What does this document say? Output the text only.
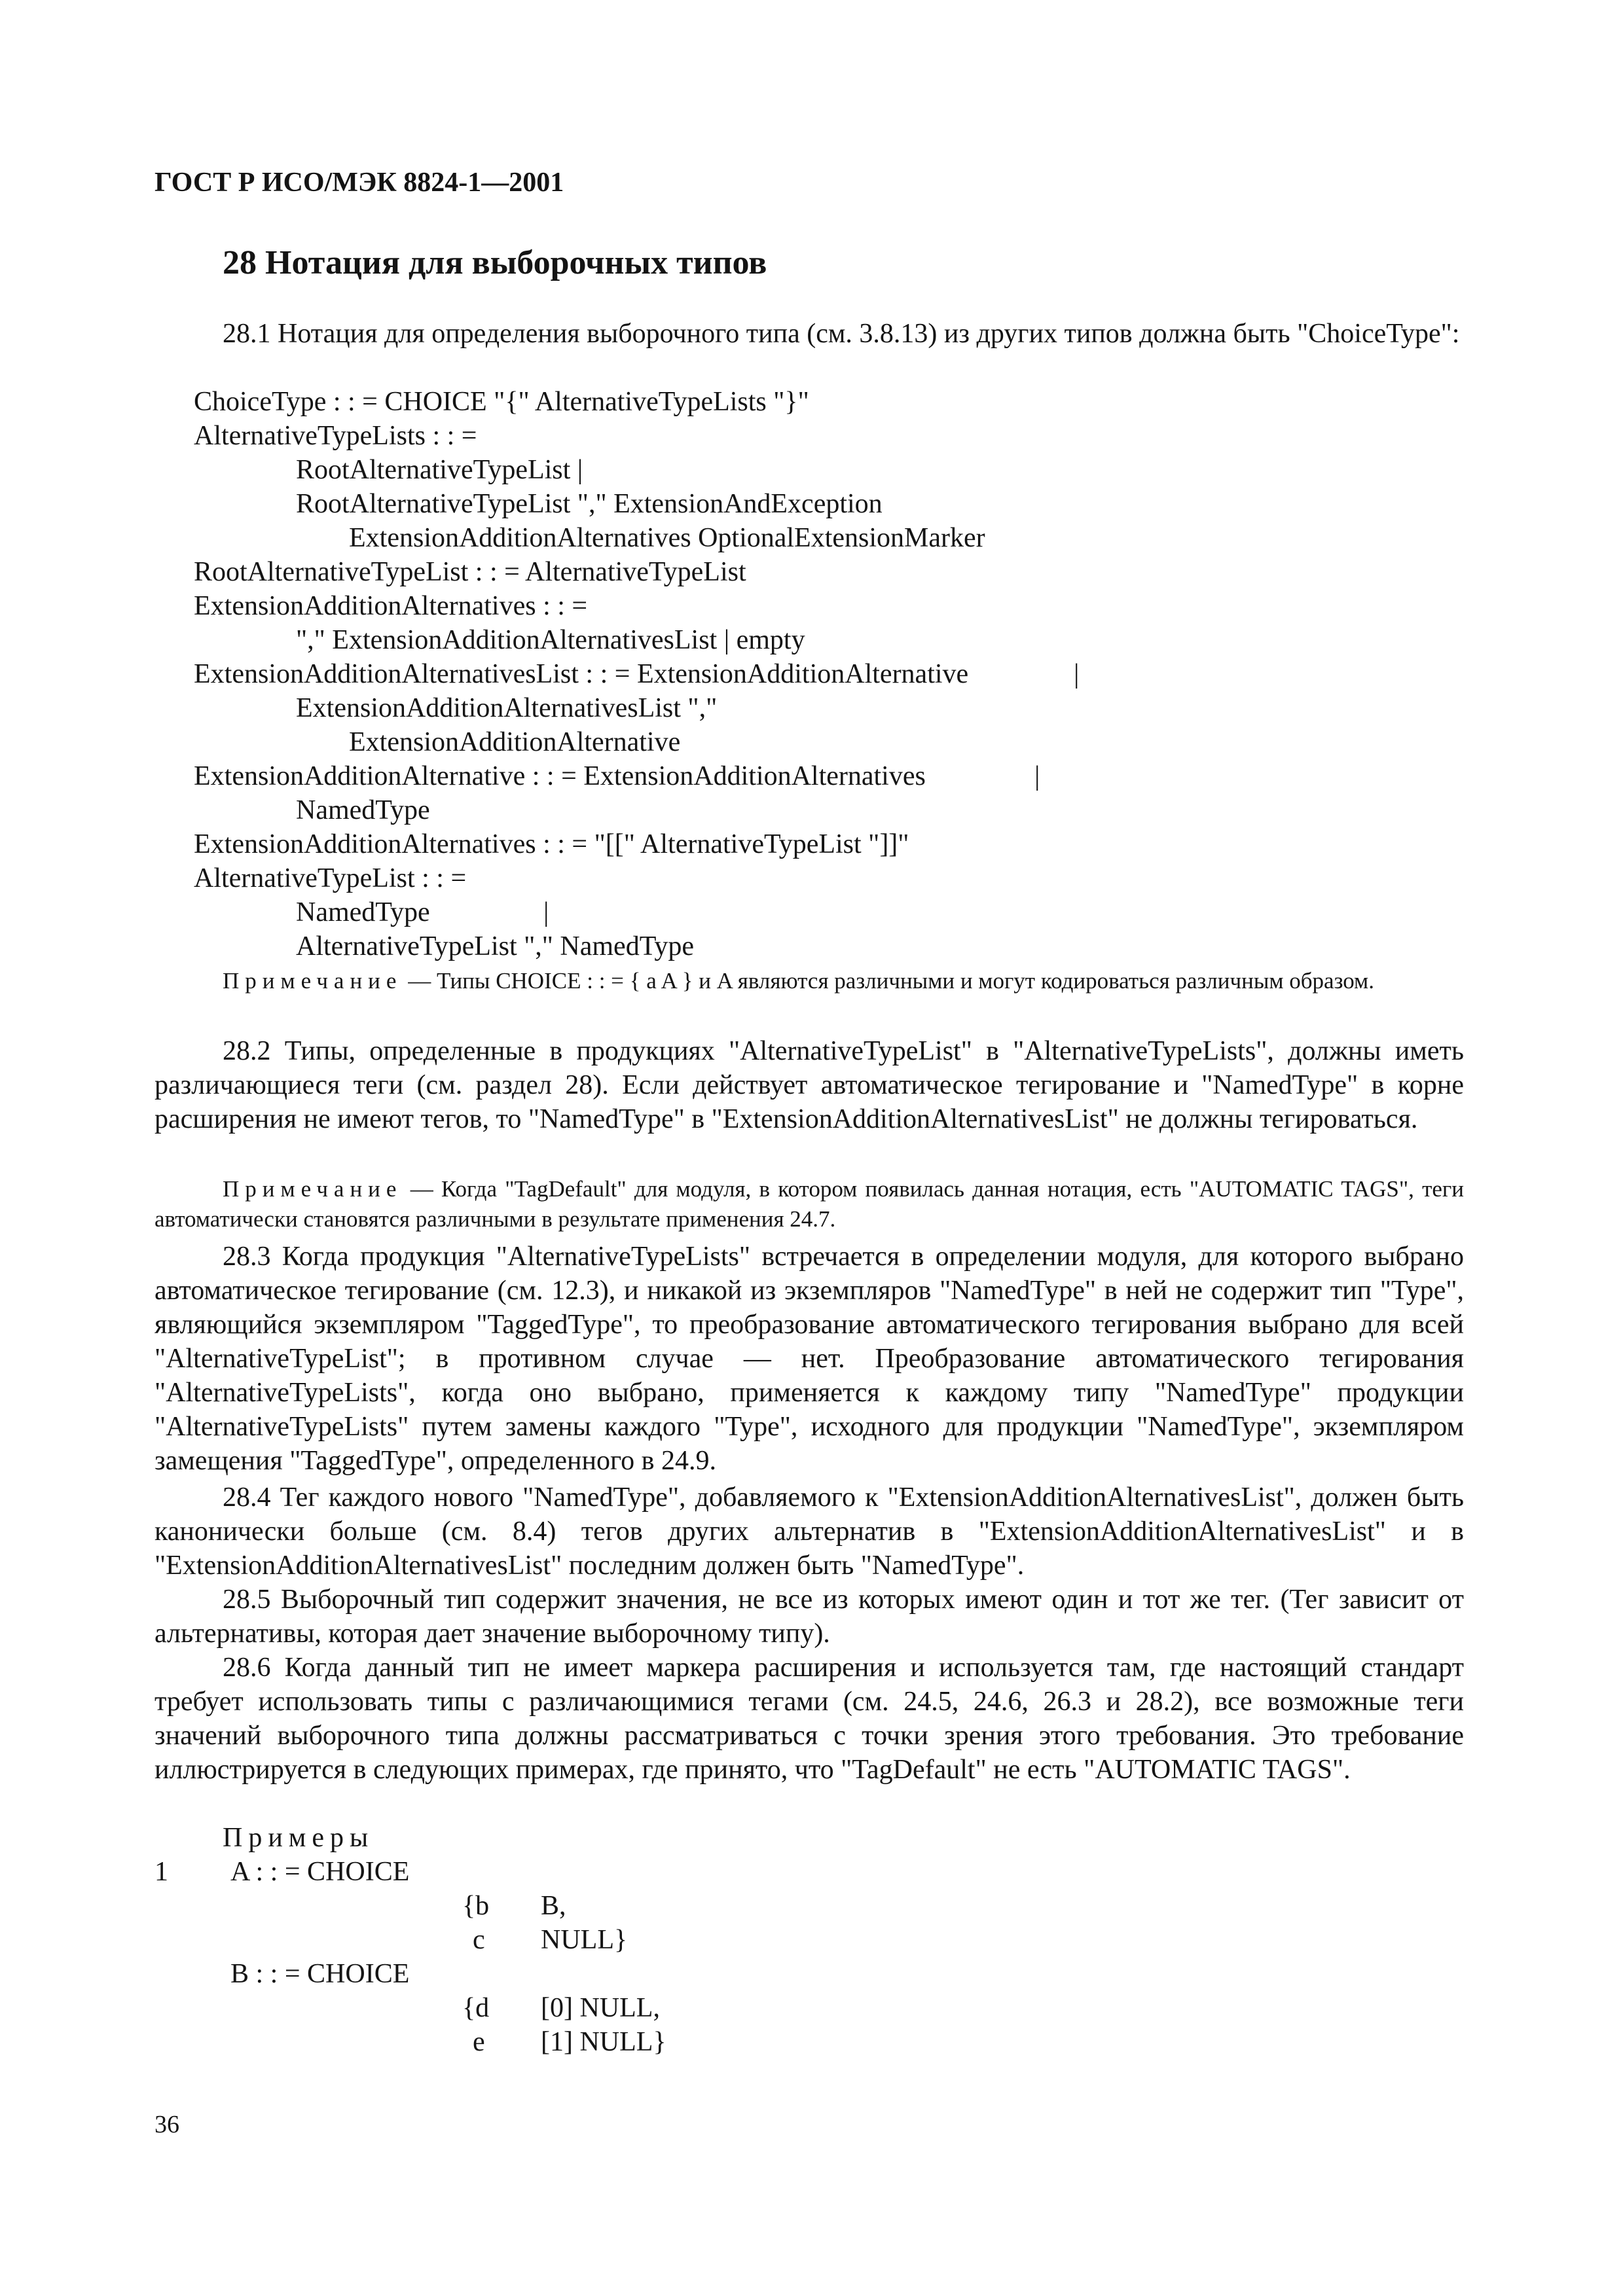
ГОСТ Р ИСО/МЭК 8824-1—2001
28 Нотация для выборочных типов
28.1 Нотация для определения выборочного типа (см. 3.8.13) из других типов должна быть "ChoiceType":
ChoiceType : : = CHOICE "{" AlternativeTypeLists "}"
AlternativeTypeLists : : =
RootAlternativeTypeList |
RootAlternativeTypeList "," ExtensionAndException
ExtensionAdditionAlternatives OptionalExtensionMarker
RootAlternativeTypeList : : = AlternativeTypeList
ExtensionAdditionAlternatives : : =
"," ExtensionAdditionAlternativesList | empty
ExtensionAdditionAlternativesList : : = ExtensionAdditionAlternative	|
ExtensionAdditionAlternativesList ","
ExtensionAdditionAlternative
ExtensionAdditionAlternative : : = ExtensionAdditionAlternatives	|
NamedType
ExtensionAdditionAlternatives : : = "[[" AlternativeTypeList "]]"
AlternativeTypeList : : =
NamedType	|
AlternativeTypeList "," NamedType
Примечание — Типы CHOICE : : = { a A } и A являются различными и могут кодироваться различным образом.
28.2 Типы, определенные в продукциях "AlternativeTypeList" в "AlternativeTypeLists", должны иметь различающиеся теги (см. раздел 28). Если действует автоматическое тегирование и "NamedType" в корне расширения не имеют тегов, то "NamedType" в "ExtensionAdditionAlternativesList" не должны тегироваться.
Примечание — Когда "TagDefault" для модуля, в котором появилась данная нотация, есть "AUTOMATIC TAGS", теги автоматически становятся различными в результате применения 24.7.
28.3 Когда продукция "AlternativeTypeLists" встречается в определении модуля, для которого выбрано автоматическое тегирование (см. 12.3), и никакой из экземпляров "NamedType" в ней не содержит тип "Type", являющийся экземпляром "TaggedType", то преобразование автоматического тегирования выбрано для всей "AlternativeTypeList"; в противном случае — нет. Преобразование автоматического тегирования "AlternativeTypeLists", когда оно выбрано, применяется к каждому типу "NamedType" продукции "AlternativeTypeLists" путем замены каждого "Type", исходного для продукции "NamedType", экземпляром замещения "TaggedType", определенного в 24.9.
28.4 Тег каждого нового "NamedType", добавляемого к "ExtensionAdditionAlternativesList", должен быть канонически больше (см. 8.4) тегов других альтернатив в "ExtensionAdditionAlternativesList" и в "ExtensionAdditionAlternativesList" последним должен быть "NamedType".
28.5 Выборочный тип содержит значения, не все из которых имеют один и тот же тег. (Тег зависит от альтернативы, которая дает значение выборочному типу).
28.6 Когда данный тип не имеет маркера расширения и используется там, где настоящий стандарт требует использовать типы с различающимися тегами (см. 24.5, 24.6, 26.3 и 28.2), все возможные теги значений выборочного типа должны рассматриваться с точки зрения этого требования. Это требование иллюстрируется в следующих примерах, где принято, что "TagDefault" не есть "AUTOMATIC TAGS".
Примеры
1 A : : = CHOICE
{b B,
c NULL}
B : : = CHOICE
{d [0] NULL,
e [1] NULL}
36
